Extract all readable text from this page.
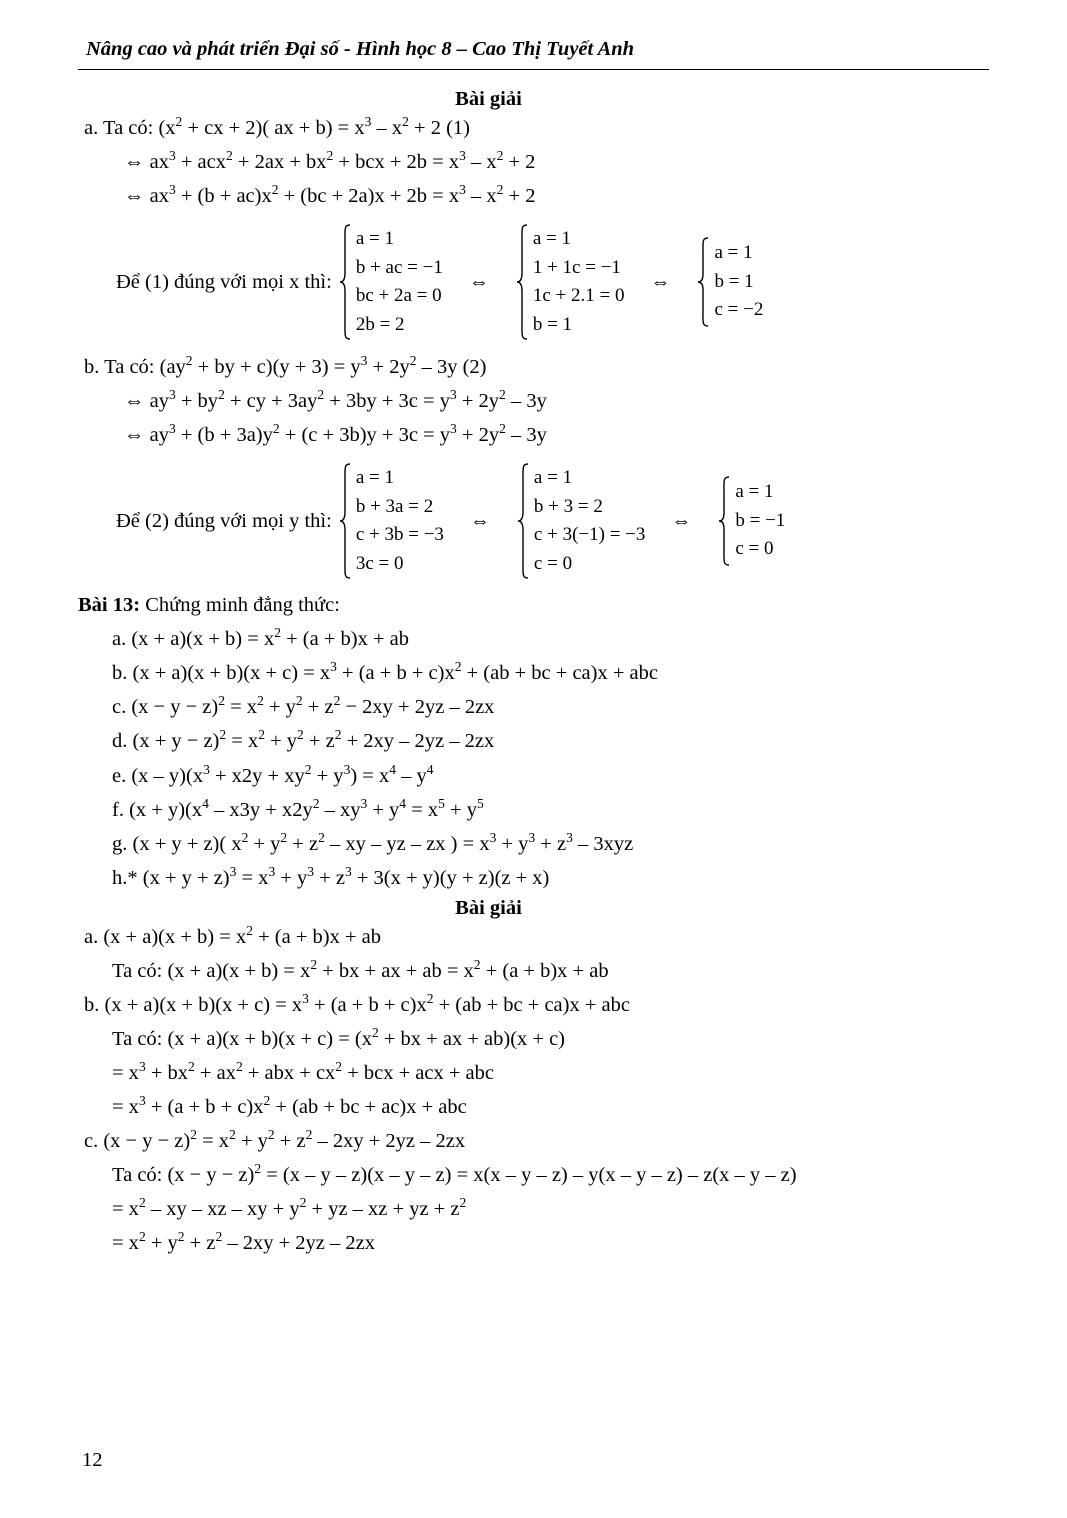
Nâng cao và phát triển Đại số - Hình học 8 – Cao Thị Tuyết Anh
Bài giải
a. Ta có: ($x^2$ + cx + 2)( ax + $b) = x^3 - x^2 + 2$ (1)
⇔ $ax^3 + acx^2 + 2ax + bx^2$ + bcx + $2b = x^3 - x^2 + 2$
⇔ $ax^3 + (b + ac)x^2 + (bc + 2a)x + 2b = x^3 - x^2 + 2$
Để (1) đúng với mọi x thì:
a = 1
b + ac = −1
bc + 2a = 0
2b = 2
⇔
a = 1
1 + 1c = −1
1c + 2.1 = 0
b = 1
⇔
a = 1
b = 1
c = −2
b. Ta có: ($ay^2$ + by + $c)(y + 3) = y^3 + 2y^2 - 3y$ (2)
⇔ $ay^3 + by^2$ + cy + $3ay^2 + 3by + 3c = y^3 + 2y^2 - 3y$
⇔ $ay^3 + (b + 3a)y^2 + (c + 3b)y + 3c = y^3 + 2y^2 - 3y$
Để (2) đúng với mọi y thì:
a = 1
b + 3a = 2
c + 3b = −3
3c = 0
⇔
a = 1
b + 3 = 2
c + 3(−1) = −3
c = 0
⇔
a = 1
b = −1
c = 0
Bài 13: Chứng minh đẳng thức:
a. $(x + a)(x + b) = x^2 + (a + b)x$ + ab
b. $(x + a)(x + b)(x + c) = x^3 + (a + b + c)x^2 + (ab$ + bc + ca)x + abc
c. $(x - y - z)^2 = x^2 + y^2 + z^2 - 2xy + 2yz - 2zx$
d. $(x + y - z)^2 = x^2 + y^2 + z^2 + 2xy - 2yz - 2zx$
e. $(x - y)(x^3 + x2y + xy^2 + y^3) = x^4 - y^4$
f. $(x + y)(x^4 - x3y + x2y^2 - xy^3 + y^4 = x^5 + y^5$
g. (x + y + z)( $x^2 + y^2 + z^2$ – xy – yz – zx ) = $x^3 + y^3 + z^3 - 3xyz$
h.* $(x + y + z)^3 = x^3 + y^3 + z^3 + 3(x + y)(y + z)(z + x)$
Bài giải
a. $(x + a)(x + b) = x^2 + (a + b)x$ + ab
Ta có: $(x + a)(x + b) = x^2$ + bx + ax + ab = $x^2 + (a + b)x$ + ab
b. $(x + a)(x + b)(x + c) = x^3 + (a + b + c)x^2 + (ab$ + bc + ca)x + abc
Ta có: $(x + a)(x + b)(x + c) = (x^2$ + bx + ax + ab)(x + c)
= $x^3 + bx^2 + ax^2$ + abx + $cx^2$ + bcx + acx + abc
= $x^3 + (a + b + c)x^2 + (ab$ + bc + ac)x + abc
c. $(x - y - z)^2 = x^2 + y^2 + z^2 - 2xy + 2yz - 2zx$
Ta có: $(x - y - z)^2 = (x - y - z)(x - y - z) = x(x - y - z) - y(x - y - z) - z(x - y - z)$
= $x^2$ – xy – xz – xy + $y^2$ + yz – xz + yz + $z^2$
= $x^2 + y^2 + z^2 - 2xy + 2yz - 2zx$
12
